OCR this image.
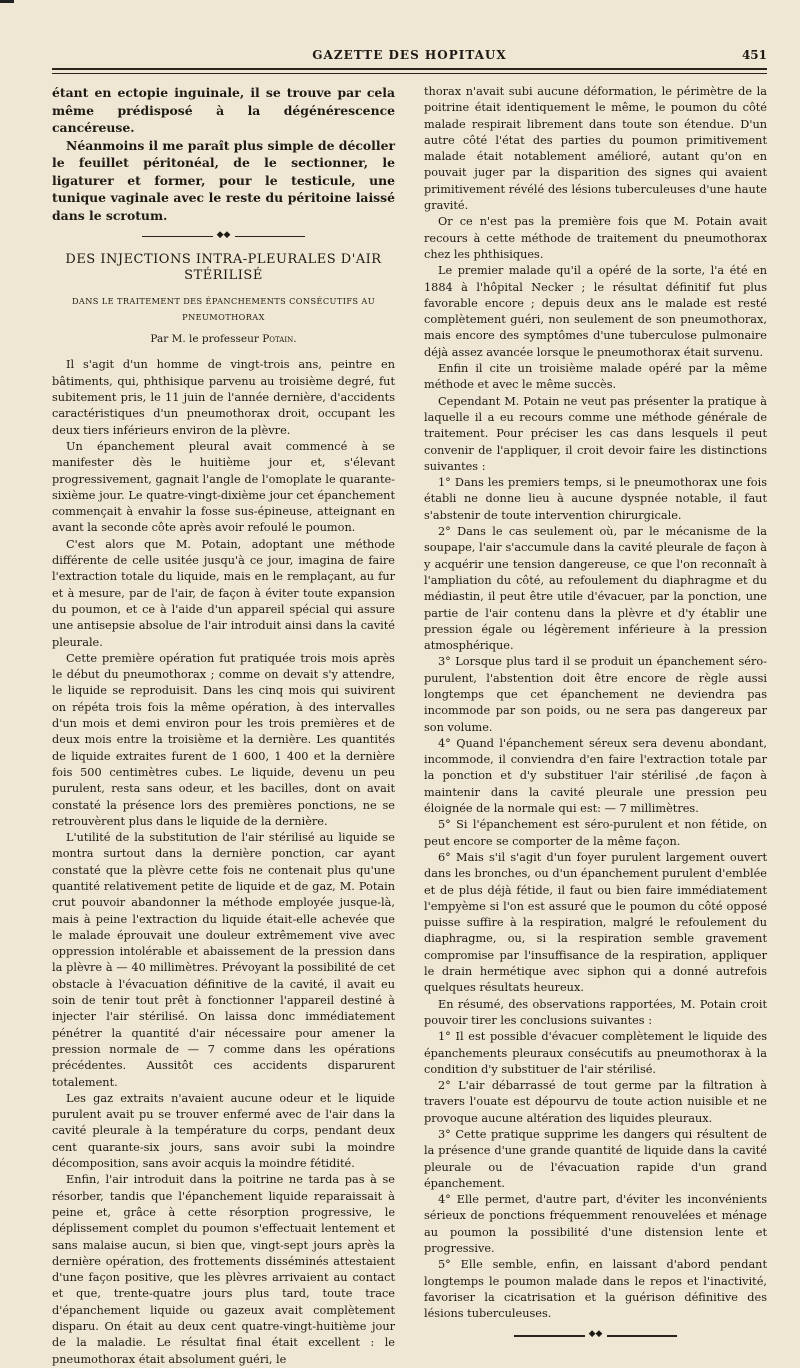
GAZETTE DES HOPITAUX	451

étant en ectopie inguinale, il se trouve par cela même prédisposé à la dégénérescence cancéreuse.

Néanmoins il me paraît plus simple de décoller le feuillet péritonéal, de le sectionner, le ligaturer et former, pour le testicule, une tunique vaginale avec le reste du péritoine laissé dans le scrotum.

◆◆
DES INJECTIONS INTRA-PLEURALES D'AIR STÉRILISÉ
DANS LE TRAITEMENT DES ÉPANCHEMENTS CONSÉCUTIFS AU PNEUMOTHORAX
Par M. le professeur Potain.

Il s'agit d'un homme de vingt-trois ans, peintre en bâtiments, qui, phthisique parvenu au troisième degré, fut subitement pris, le 11 juin de l'année dernière, d'accidents caractéristiques d'un pneumothorax droit, occupant les deux tiers inférieurs environ de la plèvre.

Un épanchement pleural avait commencé à se manifester dès le huitième jour et, s'élevant progressivement, gagnait l'angle de l'omoplate le quarante-sixième jour. Le quatre-vingt-dixième jour cet épanchement commençait à envahir la fosse sus-épineuse, atteignant en avant la seconde côte après avoir refoulé le poumon.

C'est alors que M. Potain, adoptant une méthode différente de celle usitée jusqu'à ce jour, imagina de faire l'extraction totale du liquide, mais en le remplaçant, au fur et à mesure, par de l'air, de façon à éviter toute expansion du poumon, et ce à l'aide d'un appareil spécial qui assure une antisepsie absolue de l'air introduit ainsi dans la cavité pleurale.

Cette première opération fut pratiquée trois mois après le début du pneumothorax ; comme on devait s'y attendre, le liquide se reproduisit. Dans les cinq mois qui suivirent on répéta trois fois la même opération, à des intervalles d'un mois et demi environ pour les trois premières et de deux mois entre la troisième et la dernière. Les quantités de liquide extraites furent de 1 600, 1 400 et la dernière fois 500 centimètres cubes. Le liquide, devenu un peu purulent, resta sans odeur, et les bacilles, dont on avait constaté la présence lors des premières ponctions, ne se retrouvèrent plus dans le liquide de la dernière.

L'utilité de la substitution de l'air stérilisé au liquide se montra surtout dans la dernière ponction, car ayant constaté que la plèvre cette fois ne contenait plus qu'une quantité relativement petite de liquide et de gaz, M. Potain crut pouvoir abandonner la méthode employée jusque-là, mais à peine l'extraction du liquide était-elle achevée que le malade éprouvait une douleur extrêmement vive avec oppression intolérable et abaissement de la pression dans la plèvre à — 40 millimètres. Prévoyant la possibilité de cet obstacle à l'évacuation définitive de la cavité, il avait eu soin de tenir tout prêt à fonctionner l'appareil destiné à injecter l'air stérilisé. On laissa donc immédiatement pénétrer la quantité d'air nécessaire pour amener la pression normale de — 7 comme dans les opérations précédentes. Aussitôt ces accidents disparurent totalement.

Les gaz extraits n'avaient aucune odeur et le liquide purulent avait pu se trouver enfermé avec de l'air dans la cavité pleurale à la température du corps, pendant deux cent quarante-six jours, sans avoir subi la moindre décomposition, sans avoir acquis la moindre fétidité.

Enfin, l'air introduit dans la poitrine ne tarda pas à se résorber, tandis que l'épanchement liquide reparaissait à peine et, grâce à cette résorption progressive, le déplissement complet du poumon s'effectuait lentement et sans malaise aucun, si bien que, vingt-sept jours après la dernière opération, des frottements disséminés attestaient d'une façon positive, que les plèvres arrivaient au contact et que, trente-quatre jours plus tard, toute trace d'épanchement liquide ou gazeux avait complètement disparu. On était au deux cent quatre-vingt-huitième jour de la maladie. Le résultat final était excellent : le pneumothorax était absolument guéri, le

thorax n'avait subi aucune déformation, le périmètre de la poitrine était identiquement le même, le poumon du côté malade respirait librement dans toute son étendue. D'un autre côté l'état des parties du poumon primitivement malade était notablement amélioré, autant qu'on en pouvait juger par la disparition des signes qui avaient primitivement révélé des lésions tuberculeuses d'une haute gravité.

Or ce n'est pas la première fois que M. Potain avait recours à cette méthode de traitement du pneumothorax chez les phthisiques.

Le premier malade qu'il a opéré de la sorte, l'a été en 1884 à l'hôpital Necker ; le résultat définitif fut plus favorable encore ; depuis deux ans le malade est resté complètement guéri, non seulement de son pneumothorax, mais encore des symptômes d'une tuberculose pulmonaire déjà assez avancée lorsque le pneumothorax était survenu.

Enfin il cite un troisième malade opéré par la même méthode et avec le même succès.

Cependant M. Potain ne veut pas présenter la pratique à laquelle il a eu recours comme une méthode générale de traitement. Pour préciser les cas dans lesquels il peut convenir de l'appliquer, il croit devoir faire les distinctions suivantes :

1° Dans les premiers temps, si le pneumothorax une fois établi ne donne lieu à aucune dyspnée notable, il faut s'abstenir de toute intervention chirurgicale.

2° Dans le cas seulement où, par le mécanisme de la soupape, l'air s'accumule dans la cavité pleurale de façon à y acquérir une tension dangereuse, ce que l'on reconnaît à l'ampliation du côté, au refoulement du diaphragme et du médiastin, il peut être utile d'évacuer, par la ponction, une partie de l'air contenu dans la plèvre et d'y établir une pression égale ou légèrement inférieure à la pression atmosphérique.

3° Lorsque plus tard il se produit un épanchement séro-purulent, l'abstention doit être encore de règle aussi longtemps que cet épanchement ne deviendra pas incommode par son poids, ou ne sera pas dangereux par son volume.

4° Quand l'épanchement séreux sera devenu abondant, incommode, il conviendra d'en faire l'extraction totale par la ponction et d'y substituer l'air stérilisé ,de façon à maintenir dans la cavité pleurale une pression peu éloignée de la normale qui est: — 7 millimètres.

5° Si l'épanchement est séro-purulent et non fétide, on peut encore se comporter de la même façon.

6° Mais s'il s'agit d'un foyer purulent largement ouvert dans les bronches, ou d'un épanchement purulent d'emblée et de plus déjà fétide, il faut ou bien faire immédiatement l'empyème si l'on est assuré que le poumon du côté opposé puisse suffire à la respiration, malgré le refoulement du diaphragme, ou, si la respiration semble gravement compromise par l'insuffisance de la respiration, appliquer le drain hermétique avec siphon qui a donné autrefois quelques résultats heureux.

En résumé, des observations rapportées, M. Potain croit pouvoir tirer les conclusions suivantes :

1° Il est possible d'évacuer complètement le liquide des épanchements pleuraux consécutifs au pneumothorax à la condition d'y substituer de l'air stérilisé.

2° L'air débarrassé de tout germe par la filtration à travers l'ouate est dépourvu de toute action nuisible et ne provoque aucune altération des liquides pleuraux.

3° Cette pratique supprime les dangers qui résultent de la présence d'une grande quantité de liquide dans la cavité pleurale ou de l'évacuation rapide d'un grand épanchement.

4° Elle permet, d'autre part, d'éviter les inconvénients sérieux de ponctions fréquemment renouvelées et ménage au poumon la possibilité d'une distension lente et progressive.

5° Elle semble, enfin, en laissant d'abord pendant longtemps le poumon malade dans le repos et l'inactivité, favoriser la cicatrisation et la guérison définitive des lésions tuberculeuses.

◆◆
